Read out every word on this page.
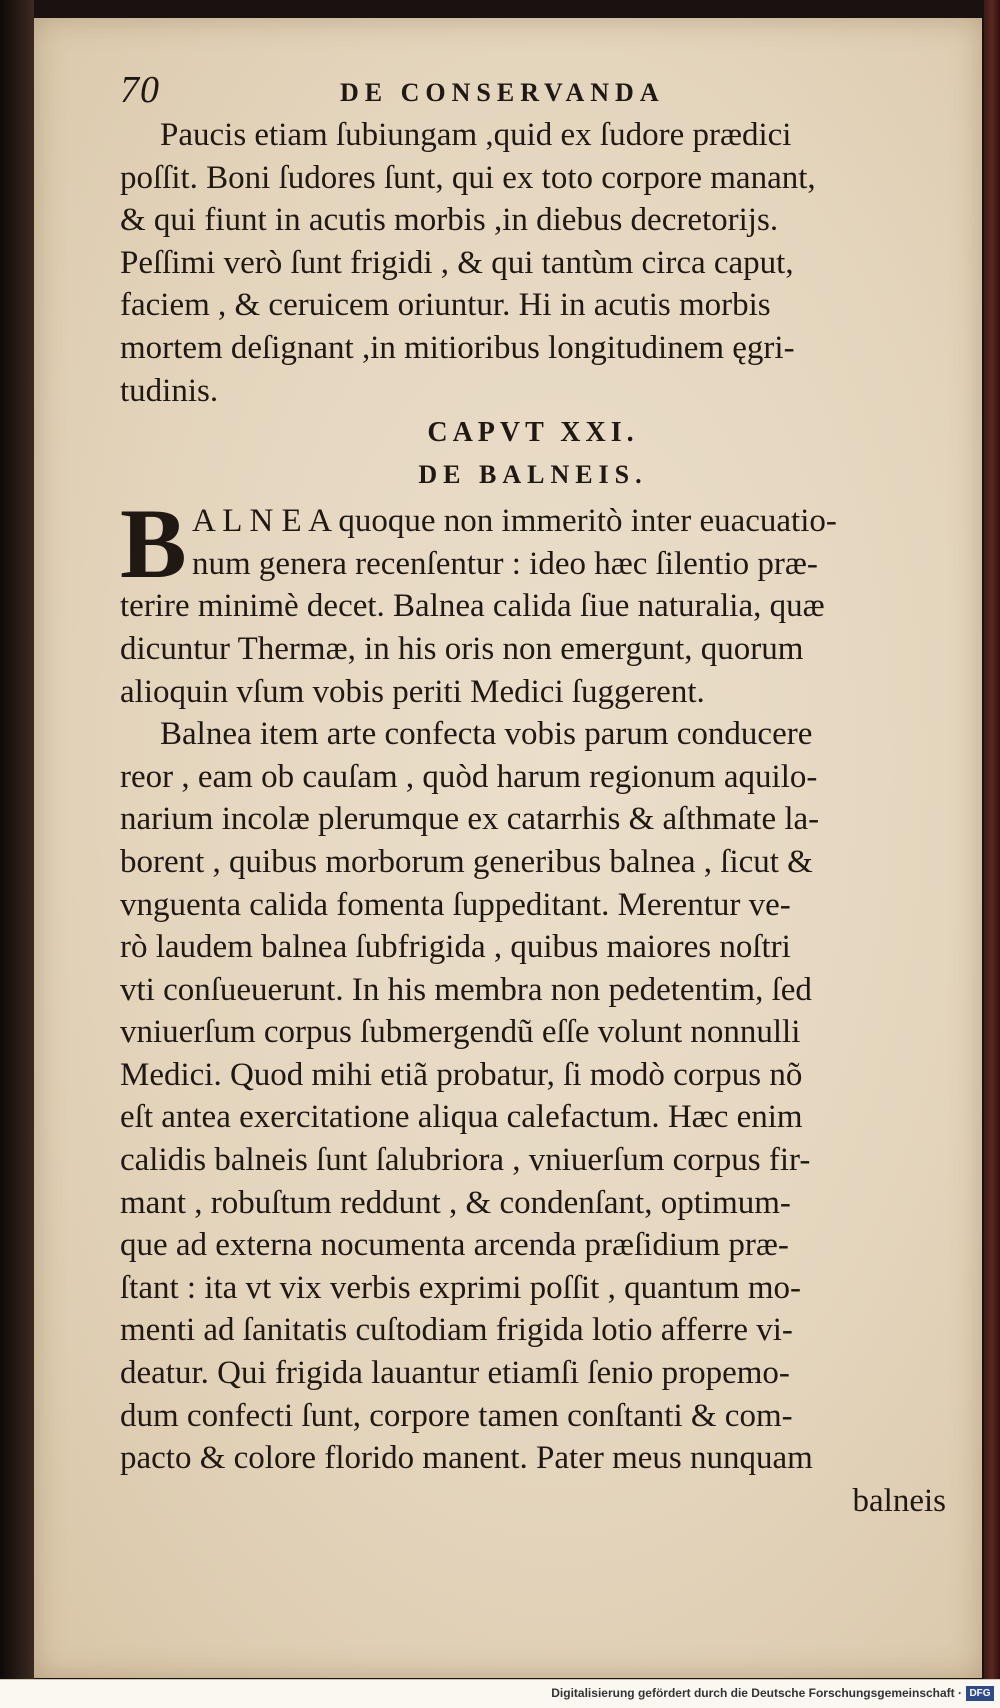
70	DE CONSERVANDA

Paucis etiam ſubiungam ,quid ex ſudore prædici
poſſit. Boni ſudores ſunt, qui ex toto corpore manant,
& qui fiunt in acutis morbis ,in diebus decretorijs.
Peſſimi verò ſunt frigidi , & qui tantùm circa caput,
faciem , & ceruicem oriuntur. Hi in acutis morbis
mortem deſignant ,in mitioribus longitudinem ęgri-
tudinis.

CAPVT XXI.

DE BALNEIS.

B A L N E A quoque non immeritò inter euacuatio-
num genera recenſentur : ideo hæc ſilentio præ-
terire minimè decet. Balnea calida ſiue naturalia, quæ
dicuntur Thermæ, in his oris non emergunt, quorum
alioquin vſum vobis periti Medici ſuggerent.

Balnea item arte confecta vobis parum conducere
reor , eam ob cauſam , quòd harum regionum aquilo-
narium incolæ plerumque ex catarrhis & aſthmate la-
borent , quibus morborum generibus balnea , ſicut &
vnguenta calida fomenta ſuppeditant. Merentur ve-
rò laudem balnea ſubfrigida , quibus maiores noſtri
vti conſueuerunt. In his membra non pedetentim, ſed
vniuerſum corpus ſubmergendũ eſſe volunt nonnulli
Medici. Quod mihi etiã probatur, ſi modò corpus nõ
eſt antea exercitatione aliqua calefactum. Hæc enim
calidis balneis ſunt ſalubriora , vniuerſum corpus fir-
mant , robuſtum reddunt , & condenſant, optimum-
que ad externa nocumenta arcenda præſidium præ-
ſtant : ita vt vix verbis exprimi poſſit , quantum mo-
menti ad ſanitatis cuſtodiam frigida lotio afferre vi-
deatur. Qui frigida lauantur etiamſi ſenio propemo-
dum confecti ſunt, corpore tamen conſtanti & com-
pacto & colore florido manent. Pater meus nunquam

balneis

Digitalisierung gefördert durch die Deutsche Forschungsgemeinschaft · DFG
